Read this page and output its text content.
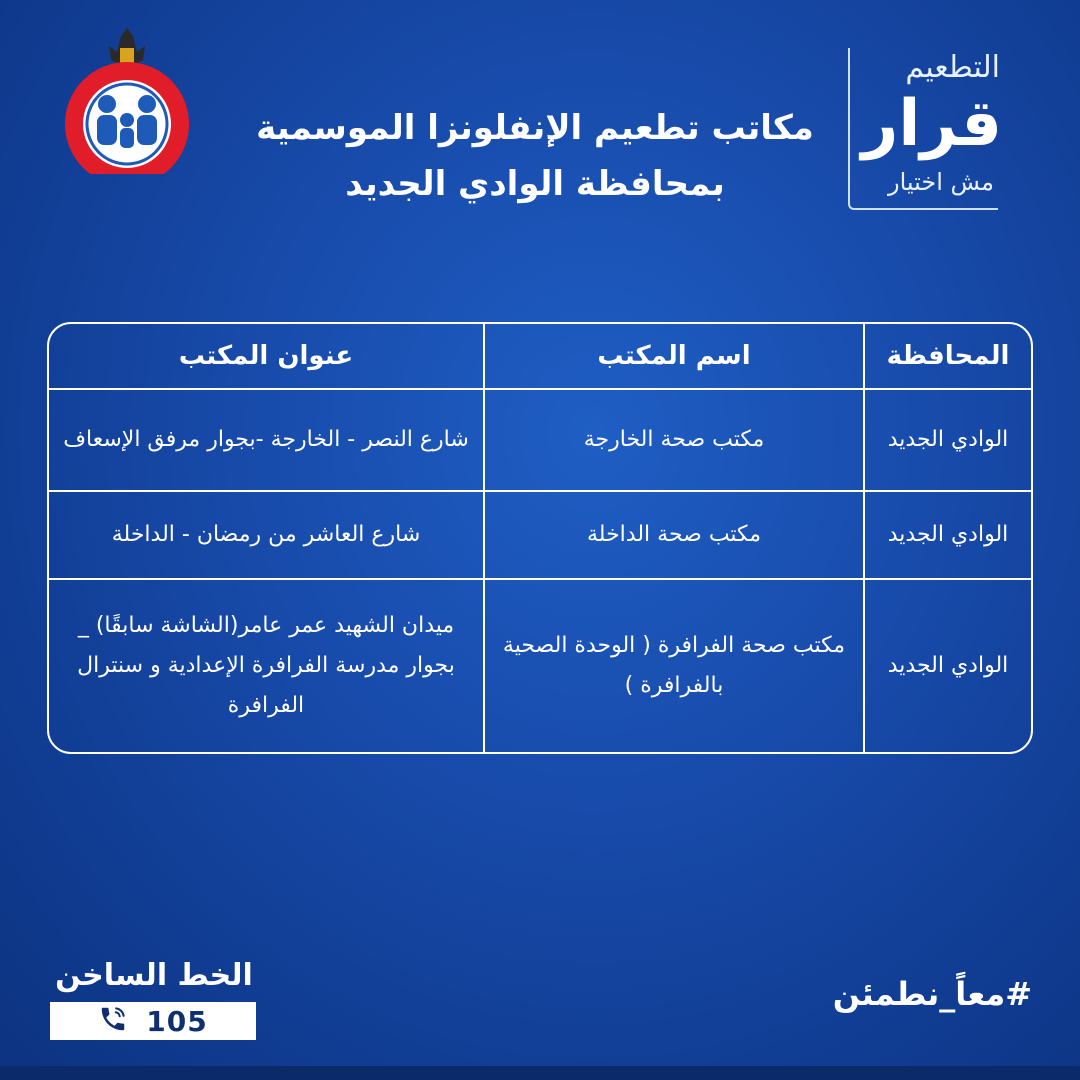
مكاتب تطعيم الإنفلونزا الموسمية
بمحافظة الوادي الجديد
التطعيم
قرار
مش اختيار
المحافظة
اسم المكتب
عنوان المكتب
الوادي الجديد
مكتب صحة الخارجة
شارع النصر - الخارجة -بجوار مرفق الإسعاف
الوادي الجديد
مكتب صحة الداخلة
شارع العاشر من رمضان - الداخلة
الوادي الجديد
مكتب صحة الفرافرة ( الوحدة الصحية بالفرافرة )
ميدان الشهيد عمر عامر(الشاشة سابقًا) _ بجوار مدرسة الفرافرة الإعدادية و سنترال الفرافرة
الخط الساخن
105
#معاً_نطمئن
